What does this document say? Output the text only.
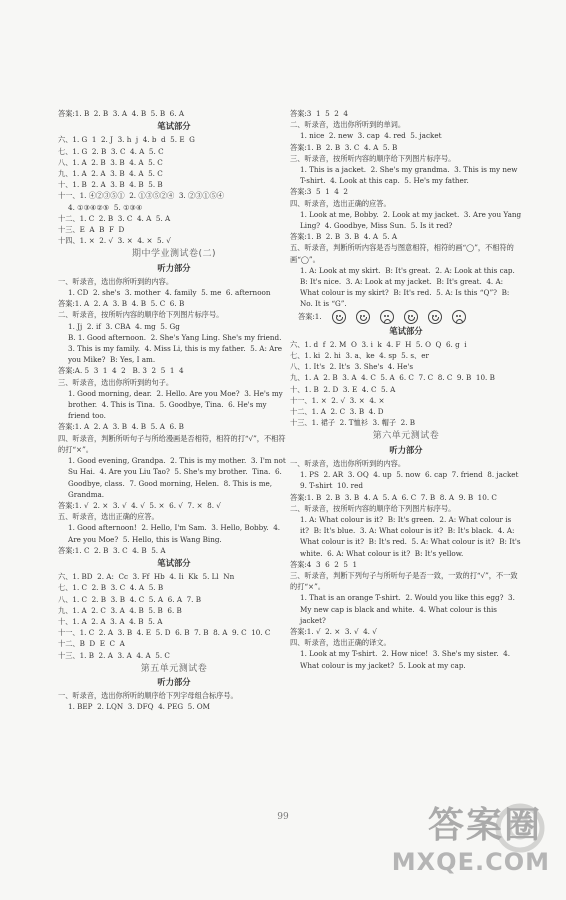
答案:1. B  2. B  3. A  4. B  5. B  6. A
笔试部分
六、1. G  1  2. J  3. h  j  4. b  d  5. E  G
七、1. G  2. B  3. C  4. A  5. C
八、1. A  2. B  3. B  4. A  5. C
九、1. A  2. A  3. B  4. A  5. C
十、1. B  2. A  3. B  4. B  5. B
十一、1. ④②③⑤①  2. ①③⑤②④  3. ②③①⑤④
4. ①③④②⑤  5. ①③④
十二、1. C  2. B  3. C  4. A  5. A
十三、E  A  B  F  D
十四、1. ×  2. √  3. ×  4. ×  5. √
期中学业测试卷(二)
听力部分
一、听录音，选出你所听到的内容。
1. CD  2. she's  3. mother  4. family  5. me  6. afternoon
答案:1. A  2. A  3. B  4. B  5. C  6. B
二、听录音，按所听内容的顺序给下列图片标序号。
1. Jj  2. if  3. CBA  4. mg  5. Gg
B. 1. Good afternoon.  2. She's Yang Ling. She's my friend.  3. This is my family.  4. Miss Li, this is my father.  5. A: Are you Mike?  B: Yes, I am.
答案:A. 5  3  1  4  2   B. 3  2  5  1  4
三、听录音，选出你所听到的句子。
1. Good morning, dear.  2. Hello. Are you Moe?  3. He's my brother.  4. This is Tina.  5. Goodbye, Tina.  6. He's my friend too.
答案:1. A  2. A  3. B  4. B  5. A  6. B
四、听录音，判断所听句子与所给漫画是否相符，相符的打“√”，不相符的打“×”。
1. Good evening, Grandpa.  2. This is my mother.  3. I'm not Su Hai.  4. Are you Liu Tao?  5. She's my brother.  Tina.  6. Goodbye, class.  7. Good morning, Helen.  8. This is me, Grandma.
答案:1. √  2. ×  3. √  4. √  5. ×  6. √  7. ×  8. √
五、听录音，选出正确的应答。
1. Good afternoon!  2. Hello, I'm Sam.  3. Hello, Bobby.  4. Are you Moe?  5. Hello, this is Wang Bing.
答案:1. C  2. B  3. C  4. B  5. A
笔试部分
六、1. BD  2. A:  Cc  3. Ff  Hb  4. Ii  Kk  5. Ll  Nn
七、1. C  2. B  3. C  4. A  5. B
八、1. C  2. B  3. B  4. C  5. A  6. A  7. B
九、1. A  2. C  3. A  4. B  5. B  6. B
十、1. A  2. A  3. A  4. B  5. A
十一、1. C  2. A  3. B  4. E  5. D  6. B  7. B  8. A  9. C  10. C
十二、B  D  E  C  A
十三、1. B  2. A  3. A  4. A  5. C
第五单元测试卷
听力部分
一、听录音，选出你所听的顺序给下列字母组合标序号。
1. BEP  2. LQN  3. DFQ  4. PEG  5. OM
答案:3  1  5  2  4
二、听录音，选出你所听到的单词。
1. nice  2. new  3. cap  4. red  5. jacket
答案:1. B  2. B  3. C  4. A  5. B
三、听录音，按所听内容的顺序给下列图片标序号。
1. This is a jacket.  2. She's my grandma.  3. This is my new T-shirt.  4. Look at this cap.  5. He's my father.
答案:3  5  1  4  2
四、听录音，选出正确的应答。
1. Look at me, Bobby.  2. Look at my jacket.  3. Are you Yang Ling?  4. Goodbye, Miss Sun.  5. Is it red?
答案:1. B  2. B  3. B  4. A  5. A
五、听录音，判断所听内容是否与图意相符，相符的画“◯”，不相符的画“◯”。
1. A: Look at my skirt.  B: It's great.  2. A: Look at this cap.  B: It's nice.  3. A: Look at my jacket.  B: It's great.  4. A: What colour is my skirt?  B: It's red.  5. A: Is this “Q”?  B: No. It is “G”.
答案:1.
笔试部分
六、1. d  f  2. M  O  3. i  k  4. F  H  5. O  Q  6. g  i
七、1. ki  2. hi  3. a、ke  4. sp  5. s、er
八、1. It's  2. It's  3. She's  4. He's
九、1. A  2. B  3. A  4. C  5. A  6. C  7. C  8. C  9. B  10. B
十、1. B  2. D  3. E  4. C  5. A
十一、1. ×  2. √  3. ×  4. ×
十二、1. A  2. C  3. B  4. D
十三、1. 裙子  2. T恤衫  3. 帽子  2. B
第六单元测试卷
听力部分
一、听录音，选出你所听到的内容。
1. PS  2. AR  3. OQ  4. up  5. now  6. cap  7. friend  8. jacket  9. T-shirt  10. red
答案:1. B  2. B  3. B  4. A  5. A  6. C  7. B  8. A  9. B  10. C
二、听录音，按所听内容的顺序给下列图片标序号。
1. A: What colour is it?  B: It's green.  2. A: What colour is it?  B: It's blue.  3. A: What colour is it?  B: It's black.  4. A: What colour is it?  B: It's red.  5. A: What colour is it?  B: It's white.  6. A: What colour is it?  B: It's yellow.
答案:4  3  6  2  5  1
三、听录音，判断下列句子与所听句子是否一致，一致的打“√”，不一致的打“×”。
1. That is an orange T-shirt.  2. Would you like this egg?  3. My new cap is black and white.  4. What colour is this jacket?
答案:1. √  2. ×  3. √  4. √
四、听录音，选出正确的译文。
1. Look at my T-shirt.  2. How nice!  3. She's my sister.  4. What colour is my jacket?  5. Look at my cap.
99	答案圈
MXQE.COM
